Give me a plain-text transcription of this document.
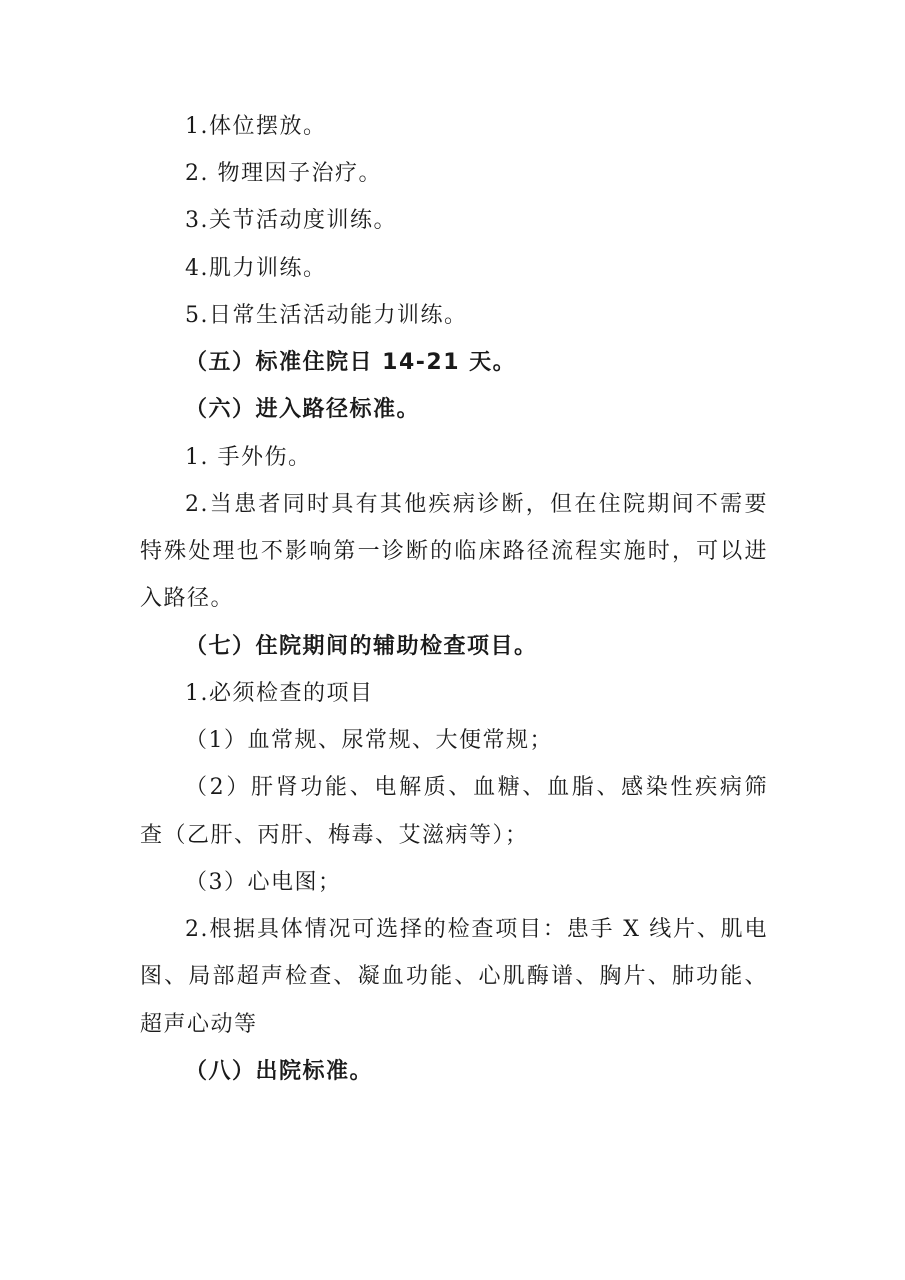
1.体位摆放。
2. 物理因子治疗。
3.关节活动度训练。
4.肌力训练。
5.日常生活活动能力训练。
（五）标准住院日 14-21 天。
（六）进入路径标准。
1. 手外伤。
2.当患者同时具有其他疾病诊断，但在住院期间不需要
特殊处理也不影响第一诊断的临床路径流程实施时，可以进
入路径。
（七）住院期间的辅助检查项目。
1.必须检查的项目
（1）血常规、尿常规、大便常规；
（2）肝肾功能、电解质、血糖、血脂、感染性疾病筛
查（乙肝、丙肝、梅毒、艾滋病等）；
（3）心电图；
2.根据具体情况可选择的检查项目：患手 X 线片、肌电
图、局部超声检查、凝血功能、心肌酶谱、胸片、肺功能、
超声心动等
（八）出院标准。
